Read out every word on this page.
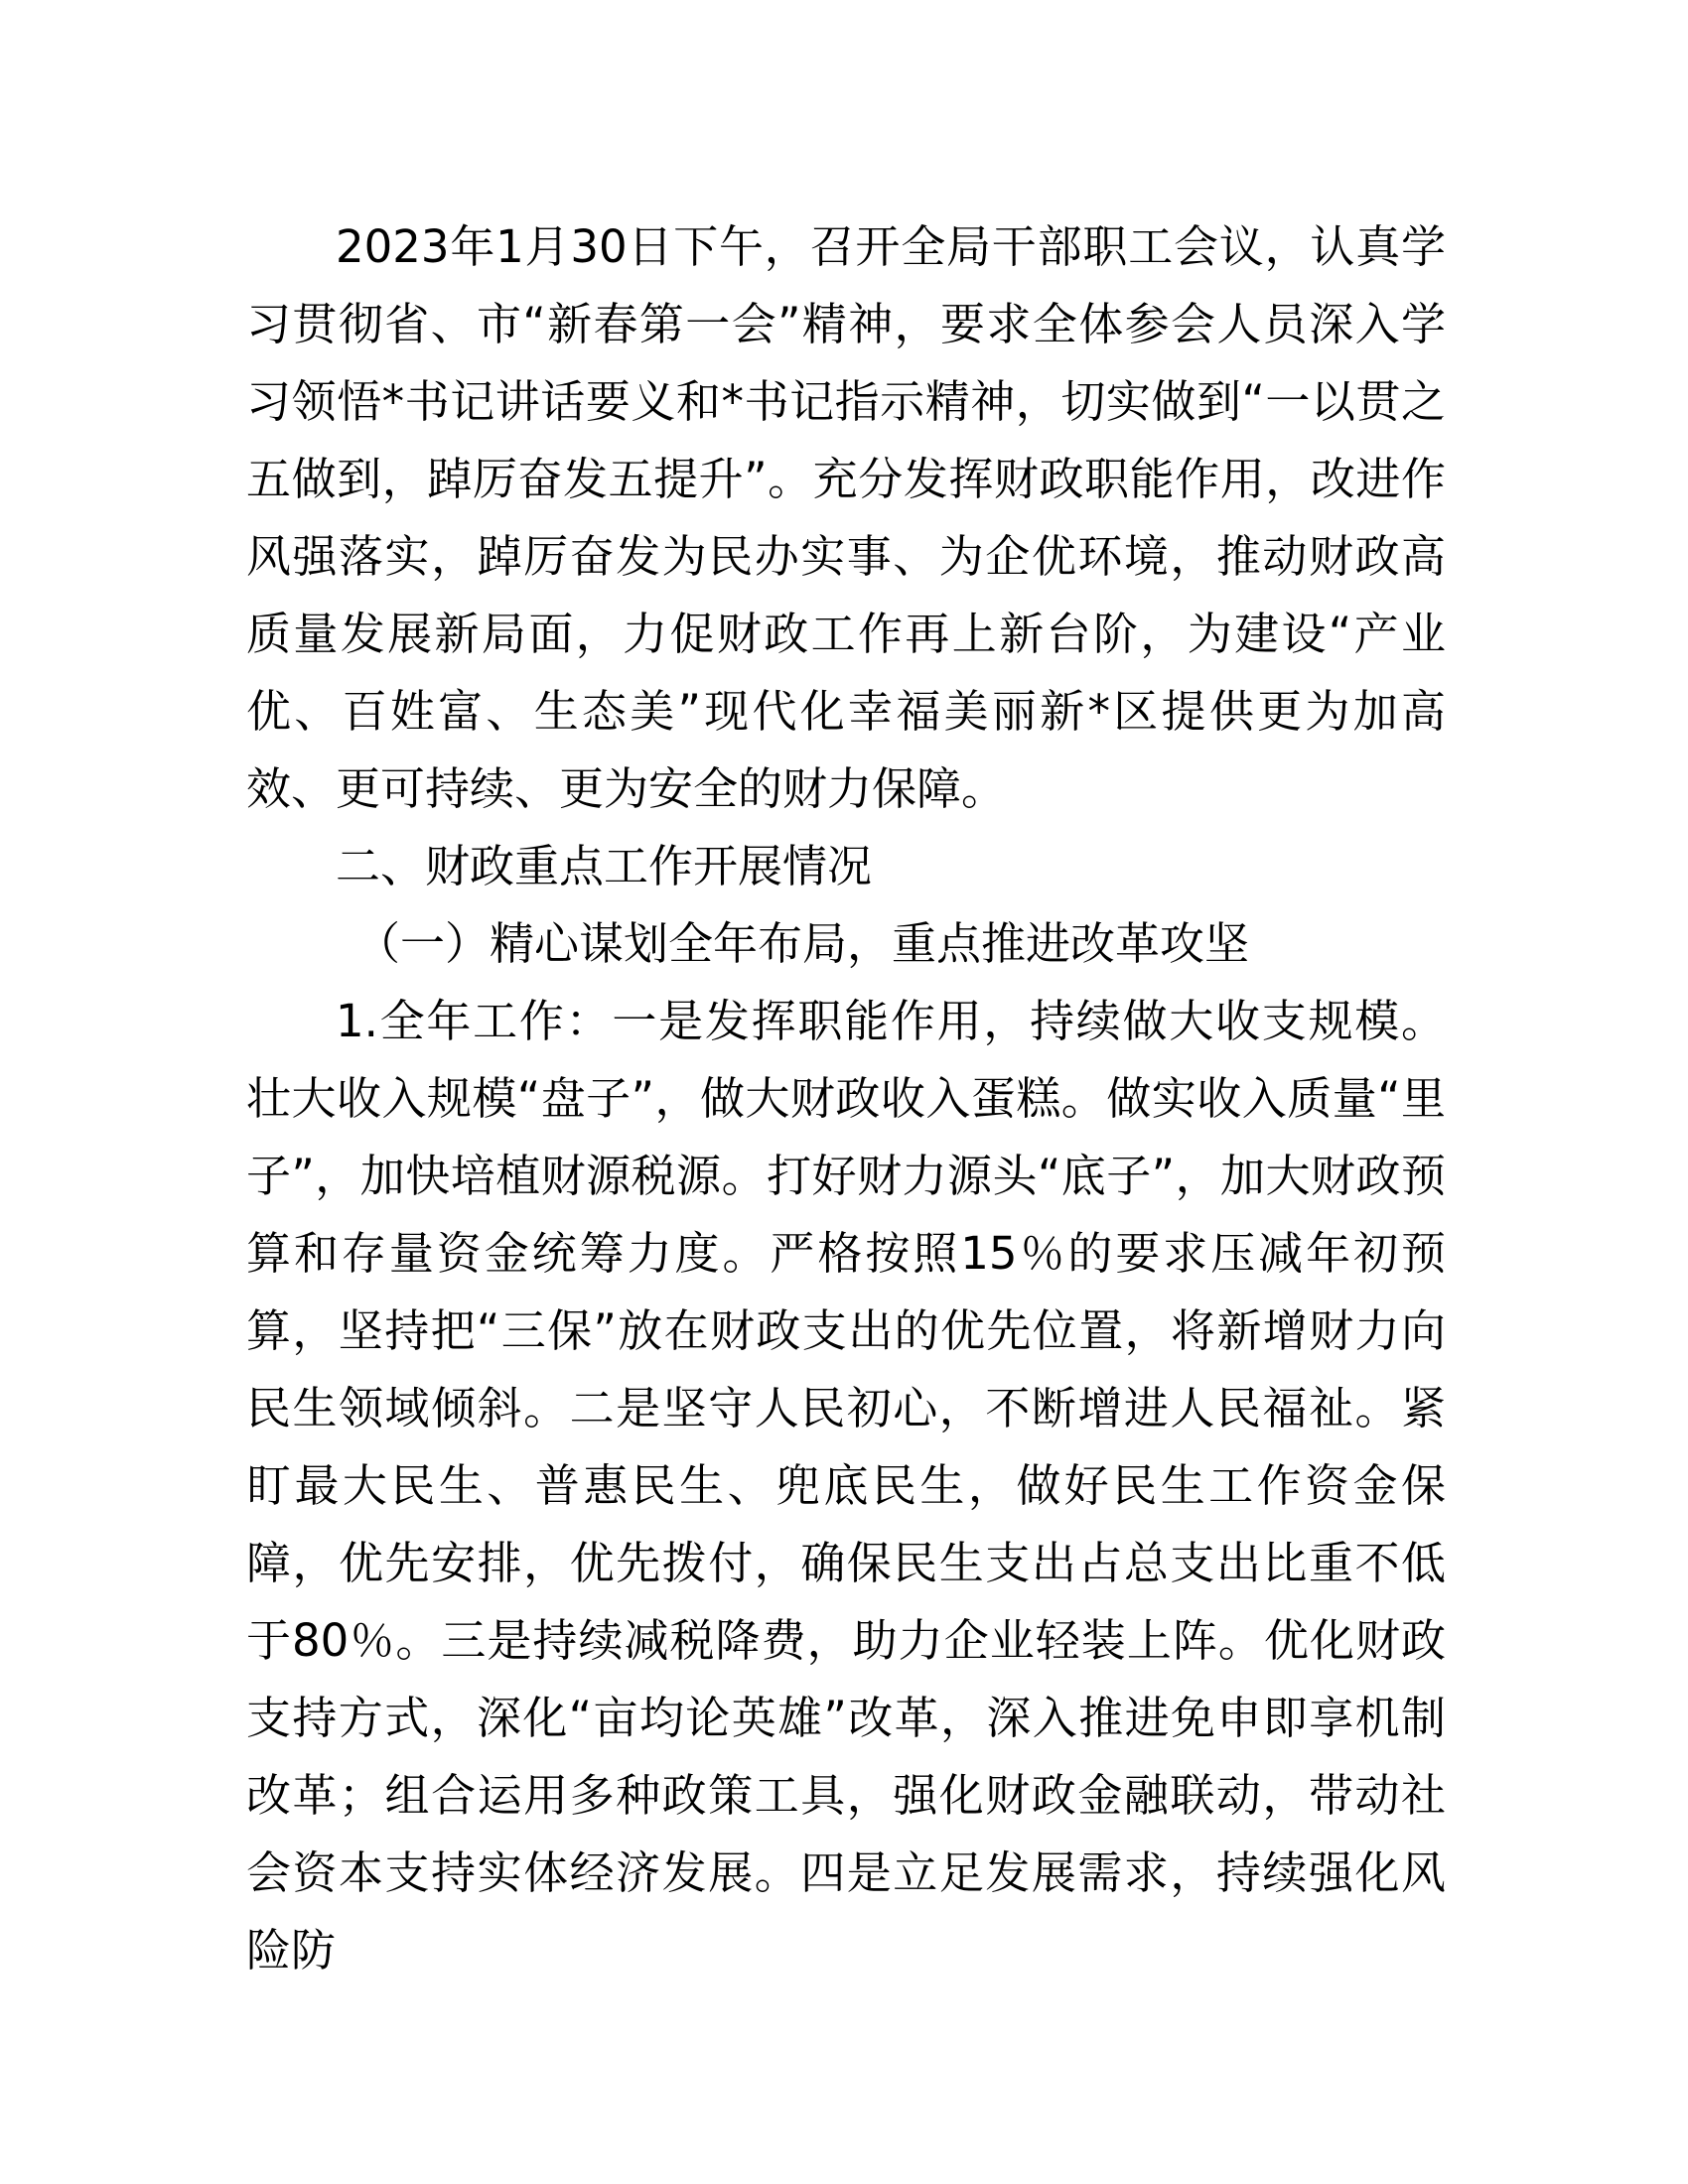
2023年1月30日下午，召开全局干部职工会议，认真学习贯彻省、市“新春第一会”精神，要求全体参会人员深入学习领悟*书记讲话要义和*书记指示精神，切实做到“一以贯之五做到，踔厉奋发五提升”。充分发挥财政职能作用，改进作风强落实，踔厉奋发为民办实事、为企优环境，推动财政高质量发展新局面，力促财政工作再上新台阶，为建设“产业优、百姓富、生态美”现代化幸福美丽新*区提供更为加高效、更可持续、更为安全的财力保障。

二、财政重点工作开展情况

（一）精心谋划全年布局，重点推进改革攻坚

1.全年工作：一是发挥职能作用，持续做大收支规模。壮大收入规模“盘子”，做大财政收入蛋糕。做实收入质量“里子”，加快培植财源税源。打好财力源头“底子”，加大财政预算和存量资金统筹力度。严格按照15％的要求压减年初预算，坚持把“三保”放在财政支出的优先位置，将新增财力向民生领域倾斜。二是坚守人民初心，不断增进人民福祉。紧盯最大民生、普惠民生、兜底民生，做好民生工作资金保障，优先安排，优先拨付，确保民生支出占总支出比重不低于80％。三是持续减税降费，助力企业轻装上阵。优化财政支持方式，深化“亩均论英雄”改革，深入推进免申即享机制改革；组合运用多种政策工具，强化财政金融联动，带动社会资本支持实体经济发展。四是立足发展需求，持续强化风险防
